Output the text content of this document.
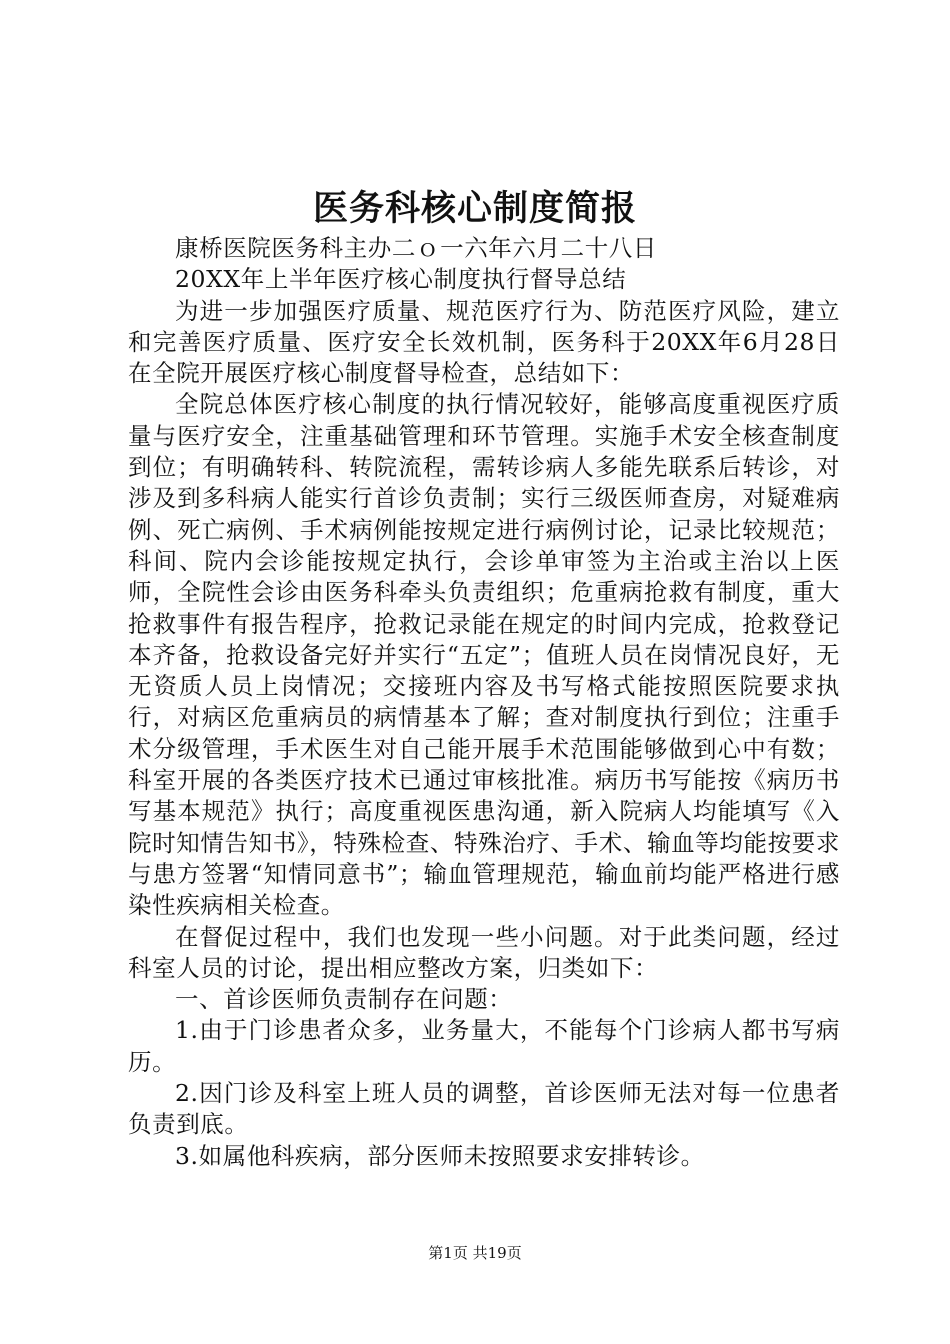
医务科核心制度简报

康桥医院医务科主办二ｏ一六年六月二十八日

20XX年上半年医疗核心制度执行督导总结

为进一步加强医疗质量、规范医疗行为、防范医疗风险，建立和完善医疗质量、医疗安全长效机制，医务科于20XX年6月28日在全院开展医疗核心制度督导检查，总结如下：

全院总体医疗核心制度的执行情况较好，能够高度重视医疗质量与医疗安全，注重基础管理和环节管理。实施手术安全核查制度到位；有明确转科、转院流程，需转诊病人多能先联系后转诊，对涉及到多科病人能实行首诊负责制；实行三级医师查房，对疑难病例、死亡病例、手术病例能按规定进行病例讨论，记录比较规范；科间、院内会诊能按规定执行，会诊单审签为主治或主治以上医师，全院性会诊由医务科牵头负责组织；危重病抢救有制度，重大抢救事件有报告程序，抢救记录能在规定的时间内完成，抢救登记本齐备，抢救设备完好并实行“五定”；值班人员在岗情况良好，无无资质人员上岗情况；交接班内容及书写格式能按照医院要求执行，对病区危重病员的病情基本了解；查对制度执行到位；注重手术分级管理，手术医生对自己能开展手术范围能够做到心中有数；科室开展的各类医疗技术已通过审核批准。病历书写能按《病历书写基本规范》执行；高度重视医患沟通，新入院病人均能填写《入院时知情告知书》，特殊检查、特殊治疗、手术、输血等均能按要求与患方签署“知情同意书”；输血管理规范，输血前均能严格进行感染性疾病相关检查。

在督促过程中，我们也发现一些小问题。对于此类问题，经过科室人员的讨论，提出相应整改方案，归类如下：

一、首诊医师负责制存在问题：

1.由于门诊患者众多，业务量大，不能每个门诊病人都书写病历。

2.因门诊及科室上班人员的调整，首诊医师无法对每一位患者负责到底。

3.如属他科疾病，部分医师未按照要求安排转诊。

第1页 共19页
